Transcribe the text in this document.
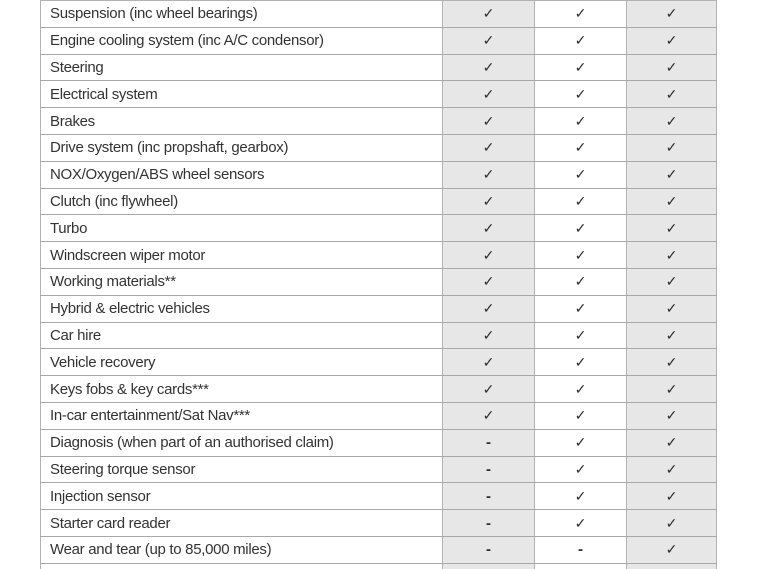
Suspension (inc wheel bearings)	✓	✓	✓
Engine cooling system (inc A/C condensor)	✓	✓	✓
Steering	✓	✓	✓
Electrical system	✓	✓	✓
Brakes	✓	✓	✓
Drive system (inc propshaft, gearbox)	✓	✓	✓
NOX/Oxygen/ABS wheel sensors	✓	✓	✓
Clutch (inc flywheel)	✓	✓	✓
Turbo	✓	✓	✓
Windscreen wiper motor	✓	✓	✓
Working materials**	✓	✓	✓
Hybrid & electric vehicles	✓	✓	✓
Car hire	✓	✓	✓
Vehicle recovery	✓	✓	✓
Keys fobs & key cards***	✓	✓	✓
In-car entertainment/Sat Nav***	✓	✓	✓
Diagnosis (when part of an authorised claim)	-	✓	✓
Steering torque sensor	-	✓	✓
Injection sensor	-	✓	✓
Starter card reader	-	✓	✓
Wear and tear (up to 85,000 miles)	-	-	✓
